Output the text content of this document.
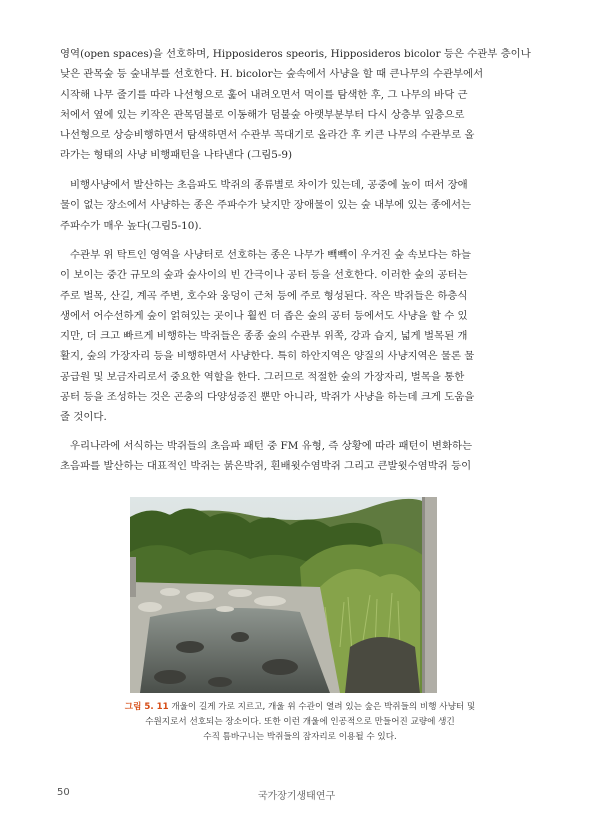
영역(open spaces)을 선호하며, Hipposideros speoris, Hipposideros bicolor 등은 수관부 층이나
낮은 관목숲 등 숲내부를 선호한다. H. bicolor는 숲속에서 사냥을 할 때 큰나무의 수관부에서
시작해 나무 줄기를 따라 나선형으로 훑어 내려오면서 먹이를 탐색한 후, 그 나무의 바닥 근
처에서 옆에 있는 키작은 관목덤불로 이동해가 덤불숲 아랫부분부터 다시 상층부 잎층으로
나선형으로 상승비행하면서 탐색하면서 수관부 꼭대기로 올라간 후 키큰 나무의 수관부로 올
라가는 형태의 사냥 비행패턴을 나타낸다 (그림5-9)
비행사냥에서 발산하는 초음파도 박쥐의 종류별로 차이가 있는데, 공중에 높이 떠서 장애
물이 없는 장소에서 사냥하는 종은 주파수가 낮지만 장애물이 있는 숲 내부에 있는 종에서는
주파수가 매우 높다(그림5-10).
수관부 위 탁트인 영역을 사냥터로 선호하는 종은 나무가 빽빽이 우거진 숲 속보다는 하늘
이 보이는 중간 규모의 숲과 숲사이의 빈 간극이나 공터 등을 선호한다. 이러한 숲의 공터는
주로 벌목, 산길, 계곡 주변, 호수와 웅덩이 근처 등에 주로 형성된다. 작은 박쥐들은 하층식
생에서 어수선하게 숲이 얽혀있는 곳이나 훨씬 더 좁은 숲의 공터 등에서도 사냥을 할 수 있
지만, 더 크고 빠르게 비행하는 박쥐들은 종종 숲의 수관부 위쪽, 강과 습지, 넓게 벌목된 개
활지, 숲의 가장자리 등을 비행하면서 사냥한다. 특히 하안지역은 양질의 사냥지역은 물론 물
공급원 및 보금자리로서 중요한 역할을 한다. 그러므로 적절한 숲의 가장자리, 벌목을 통한
공터 등을 조성하는 것은 곤충의 다양성증진 뿐만 아니라, 박쥐가 사냥을 하는데 크게 도움을
줄 것이다.
우리나라에 서식하는 박쥐들의 초음파 패턴 중 FM 유형, 즉 상황에 따라 패턴이 변화하는
초음파를 발산하는 대표적인 박쥐는 붉은박쥐, 흰배윗수염박쥐 그리고 큰발윗수염박쥐 등이
그림 5. 11 개울이 길게 가로 지르고, 개울 위 수관이 열려 있는 숲은 박쥐들의 비행 사냥터 및
수원지로서 선호되는 장소이다. 또한 이런 개울에 인공적으로 만들어진 교량에 생긴
수직 틈바구니는 박쥐들의 잠자리로 이용될 수 있다.
50	국가장기생태연구
